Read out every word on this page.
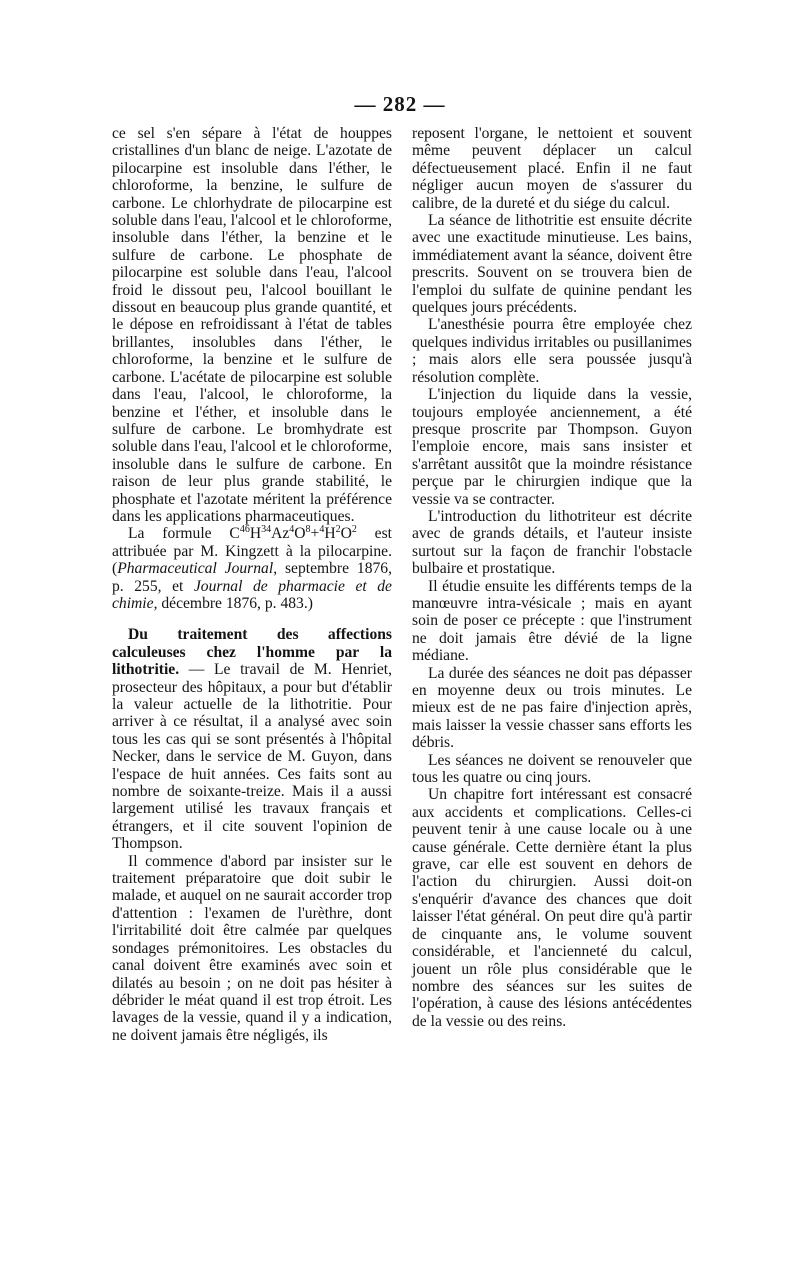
— 282 —

ce sel s'en sépare à l'état de houppes cristallines d'un blanc de neige. L'azotate de pilocarpine est insoluble dans l'éther, le chloroforme, la benzine, le sulfure de carbone. Le chlorhydrate de pilocarpine est soluble dans l'eau, l'alcool et le chloroforme, insoluble dans l'éther, la benzine et le sulfure de carbone. Le phosphate de pilocarpine est soluble dans l'eau, l'alcool froid le dissout peu, l'alcool bouillant le dissout en beaucoup plus grande quantité, et le dépose en refroidissant à l'état de tables brillantes, insolubles dans l'éther, le chloroforme, la benzine et le sulfure de carbone. L'acétate de pilocarpine est soluble dans l'eau, l'alcool, le chloroforme, la benzine et l'éther, et insoluble dans le sulfure de carbone. Le bromhydrate est soluble dans l'eau, l'alcool et le chloroforme, insoluble dans le sulfure de carbone. En raison de leur plus grande stabilité, le phosphate et l'azotate méritent la préférence dans les applications pharmaceutiques.

La formule $C^{46}H^{34}Az^4O^8+^4H^2O^2$ est attribuée par M. Kingzett à la pilocarpine. (Pharmaceutical Journal, septembre 1876, p. 255, et Journal de pharmacie et de chimie, décembre 1876, p. 483.)

Du traitement des affections calculeuses chez l'homme par la lithotritie. — Le travail de M. Henriet, prosecteur des hôpitaux, a pour but d'établir la valeur actuelle de la lithotritie. Pour arriver à ce résultat, il a analysé avec soin tous les cas qui se sont présentés à l'hôpital Necker, dans le service de M. Guyon, dans l'espace de huit années. Ces faits sont au nombre de soixante-treize. Mais il a aussi largement utilisé les travaux français et étrangers, et il cite souvent l'opinion de Thompson.

Il commence d'abord par insister sur le traitement préparatoire que doit subir le malade, et auquel on ne saurait accorder trop d'attention : l'examen de l'urèthre, dont l'irritabilité doit être calmée par quelques sondages prémonitoires. Les obstacles du canal doivent être examinés avec soin et dilatés au besoin ; on ne doit pas hésiter à débrider le méat quand il est trop étroit. Les lavages de la vessie, quand il y a indication, ne doivent jamais être négligés, ils

reposent l'organe, le nettoient et souvent même peuvent déplacer un calcul défectueusement placé. Enfin il ne faut négliger aucun moyen de s'assurer du calibre, de la dureté et du siége du calcul.

La séance de lithotritie est ensuite décrite avec une exactitude minutieuse. Les bains, immédiatement avant la séance, doivent être prescrits. Souvent on se trouvera bien de l'emploi du sulfate de quinine pendant les quelques jours précédents.

L'anesthésie pourra être employée chez quelques individus irritables ou pusillanimes ; mais alors elle sera poussée jusqu'à résolution complète.

L'injection du liquide dans la vessie, toujours employée anciennement, a été presque proscrite par Thompson. Guyon l'emploie encore, mais sans insister et s'arrêtant aussitôt que la moindre résistance perçue par le chirurgien indique que la vessie va se contracter.

L'introduction du lithotriteur est décrite avec de grands détails, et l'auteur insiste surtout sur la façon de franchir l'obstacle bulbaire et prostatique.

Il étudie ensuite les différents temps de la manœuvre intra-vésicale ; mais en ayant soin de poser ce précepte : que l'instrument ne doit jamais être dévié de la ligne médiane.

La durée des séances ne doit pas dépasser en moyenne deux ou trois minutes. Le mieux est de ne pas faire d'injection après, mais laisser la vessie chasser sans efforts les débris.

Les séances ne doivent se renouveler que tous les quatre ou cinq jours.

Un chapitre fort intéressant est consacré aux accidents et complications. Celles-ci peuvent tenir à une cause locale ou à une cause générale. Cette dernière étant la plus grave, car elle est souvent en dehors de l'action du chirurgien. Aussi doit-on s'enquérir d'avance des chances que doit laisser l'état général. On peut dire qu'à partir de cinquante ans, le volume souvent considérable, et l'ancienneté du calcul, jouent un rôle plus considérable que le nombre des séances sur les suites de l'opération, à cause des lésions antécédentes de la vessie ou des reins.
